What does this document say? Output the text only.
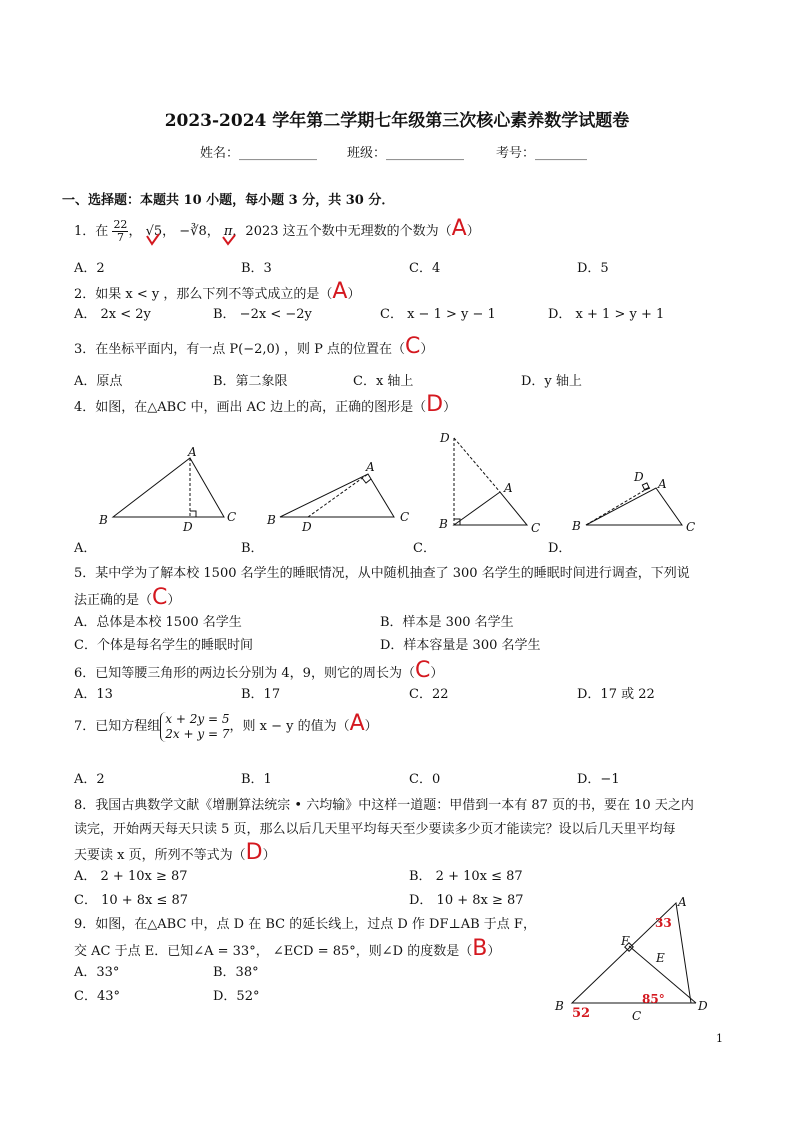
2023-2024 学年第二学期七年级第三次核心素养数学试题卷
姓名：____________ 班级：____________ 考号：________
一、选择题：本题共 10 小题，每小题 3 分，共 30 分．
1．在 $\frac{22}{7}$ ， √5， −∛8， π，2023 这五个数中无理数的个数为（A）
A．2	B．3	C．4	D．5
2．如果 x < y ，那么下列不等式成立的是（A）
A． 2x < 2y	B． −2x < −2y	C． x − 1 > y − 1	D． x + 1 > y + 1
3．在坐标平面内，有一点 P(−2,0) ，则 P 点的位置在（C）
A．原点	B．第二象限	C．x 轴上	D．y 轴上
4．如图，在△ABC 中，画出 AC 边上的高，正确的图形是（D）
A
B	C
D
A
B	C
D
D
A
B	C
D A
B	C
A．	B．	C．	D．
5．某中学为了解本校 1500 名学生的睡眠情况，从中随机抽查了 300 名学生的睡眠时间进行调查，下列说
法正确的是（C）
A．总体是本校 1500 名学生	B．样本是 300 名学生
C．个体是每名学生的睡眠时间	D．样本容量是 300 名学生
6．已知等腰三角形的两边长分别为 4，9，则它的周长为（C）
A．13	B．17	C．22	D．17 或 22
7．已知方程组
x + 2y = 5
2x + y = 7 ，则 x − y 的值为（A）
A．2	B．1	C．0	D．−1
8．我国古典数学文献《增删算法统宗 • 六均输》中这样一道题：甲借到一本有 87 页的书，要在 10 天之内
读完，开始两天每天只读 5 页，那么以后几天里平均每天至少要读多少页才能读完？设以后几天里平均每
天要读 x 页，所列不等式为（D）
A． 2 + 10x ≥ 87	B． 2 + 10x ≤ 87
C． 10 + 8x ≤ 87	D． 10 + 8x ≥ 87
9．如图，在△ABC 中，点 D 在 BC 的延长线上，过点 D 作 DF⊥AB 于点 F，
交 AC 于点 E．已知∠A = 33°， ∠ECD = 85°，则∠D 的度数是（B）
A．33°	B．38°
C．43°	D．52°
A
B
C
D
E
F
33
52
85°
1
